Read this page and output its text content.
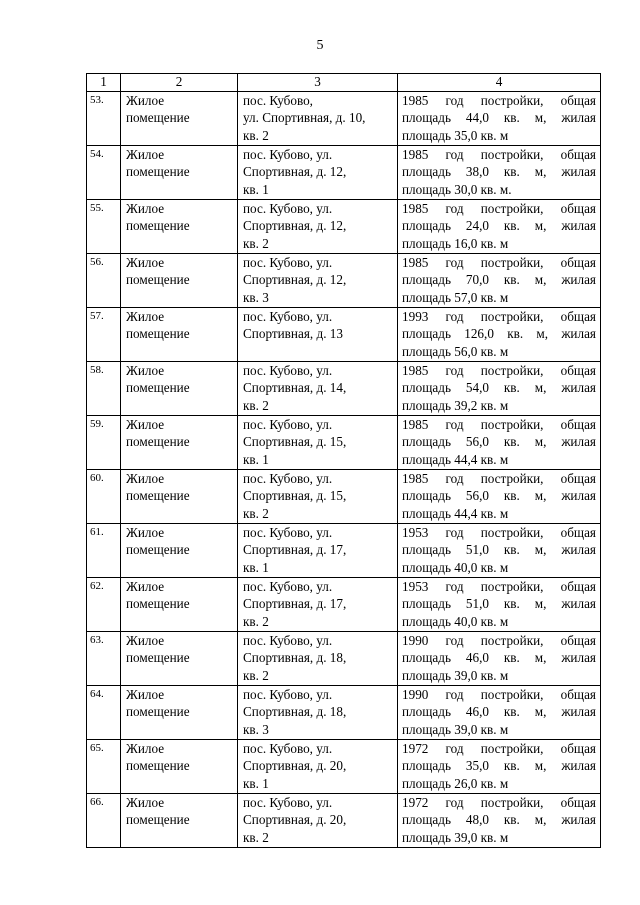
5
1	2	3	4
53.	Жилое
помещение	пос. Кубово,
ул. Спортивная, д. 10,
кв. 2	1985 год постройки, общая площадь 44,0 кв. м, жилая площадь 35,0 кв. м
54.	Жилое
помещение	пос. Кубово, ул.
Спортивная, д. 12,
кв. 1	1985 год постройки, общая площадь 38,0 кв. м, жилая площадь 30,0 кв. м.
55.	Жилое
помещение	пос. Кубово, ул.
Спортивная, д. 12,
кв. 2	1985 год постройки, общая площадь 24,0 кв. м, жилая площадь 16,0 кв. м
56.	Жилое
помещение	пос. Кубово, ул.
Спортивная, д. 12,
кв. 3	1985 год постройки, общая площадь 70,0 кв. м, жилая площадь 57,0 кв. м
57.	Жилое
помещение	пос. Кубово, ул.
Спортивная, д. 13	1993 год постройки, общая площадь 126,0 кв. м, жилая площадь 56,0 кв. м
58.	Жилое
помещение	пос. Кубово, ул.
Спортивная, д. 14,
кв. 2	1985 год постройки, общая площадь 54,0 кв. м, жилая площадь 39,2 кв. м
59.	Жилое
помещение	пос. Кубово, ул.
Спортивная, д. 15,
кв. 1	1985 год постройки, общая площадь 56,0 кв. м, жилая площадь 44,4 кв. м
60.	Жилое
помещение	пос. Кубово, ул.
Спортивная, д. 15,
кв. 2	1985 год постройки, общая площадь 56,0 кв. м, жилая площадь 44,4 кв. м
61.	Жилое
помещение	пос. Кубово, ул.
Спортивная, д. 17,
кв. 1	1953 год постройки, общая площадь 51,0 кв. м, жилая площадь 40,0 кв. м
62.	Жилое
помещение	пос. Кубово, ул.
Спортивная, д. 17,
кв. 2	1953 год постройки, общая площадь 51,0 кв. м, жилая площадь 40,0 кв. м
63.	Жилое
помещение	пос. Кубово, ул.
Спортивная, д. 18,
кв. 2	1990 год постройки, общая площадь 46,0 кв. м, жилая площадь 39,0 кв. м
64.	Жилое
помещение	пос. Кубово, ул.
Спортивная, д. 18,
кв. 3	1990 год постройки, общая площадь 46,0 кв. м, жилая площадь 39,0 кв. м
65.	Жилое
помещение	пос. Кубово, ул.
Спортивная, д. 20,
кв. 1	1972 год постройки, общая площадь 35,0 кв. м, жилая площадь 26,0 кв. м
66.	Жилое
помещение	пос. Кубово, ул.
Спортивная, д. 20,
кв. 2	1972 год постройки, общая площадь 48,0 кв. м, жилая площадь 39,0 кв. м
